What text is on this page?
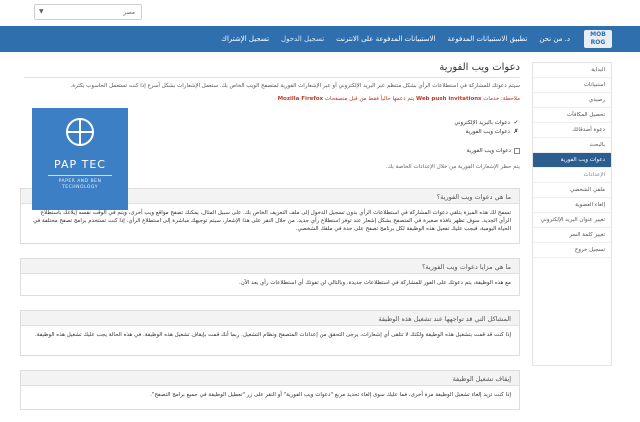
▼	مصر
MOB ROG
تسجيل الإشتراك تسجيل الدخول الاستبيانات المدفوعة على الانترنت تطبيق الاستبيانات المدفوعة د. من نحن
البداية
استبيانات
رصيدي
تحصيل المكافآت
دعوة أصدقائك
بالبحث
دعوات ويب الفورية
الإعدادات
ملفي الشخصي
إلغاء العضوية
تغيير عنوان البريد الإلكتروني
تغيير كلمة السر
تسجيل خروج
دعوات ويب الفورية

سيتم دعوتك للمشاركة في استطلاعات الرأي بشكل منتظم عبر البريد الإلكتروني أو عبر الإشعارات الفورية لمتصفح الويب الخاص بك. ستعمل الإشعارات بشكل أسرع إذا كنت تستعمل الحاسوب بكثرة.

ملاحظة: خدمات Web push invitations يتم دعمها حالياً فقط من قبل متصفحات Mozilla Firefox

✓
دعوات بالبريد الإلكتروني
✗
دعوات ويب الفورية
دعوات ويب الفورية

يتم حظر الإشعارات الفورية من خلال الإعدادات الخاصة بك.

ما هي دعوات ويب الفورية؟
تسمح لك هذه الميزة بتلقي دعوات المشاركة في استطلاعات الرأي بدون تسجيل الدخول إلى ملف التعريف الخاص بك. على سبيل المثال، يمكنك تصفح مواقع ويب أخرى، ويتم في الوقت نفسه إبلاغك باستطلاع الرأي الجديد. سوف تظهر نافذة صغيرة في المتصفح بشكل إشعار عند توفر استطلاع رأي جديد. من خلال النقر على هذا الإشعار، سيتم توجيهك مباشرة إلى استطلاع الرأي. إذا كنت تستخدم برامج تصفح مختلفة في الحياة اليومية، فيجب عليك تفعيل هذه الوظيفة لكل برنامج تصفح على حدة في ملفك الشخصي.
ما هي مزايا دعوات ويب الفورية؟
مع هذه الوظيفة، يتم دعوتك على الفور للمشاركة في استطلاعات جديدة. وبالتالي لن تفوتك أي استطلاعات رأي بعد الآن.
المشاكل التي قد تواجهها عند تشغيل هذه الوظيفة
إذا كنت قد قمت بتشغيل هذه الوظيفة ولكنك لا تتلقى أي إشعارات، يرجى التحقق من إعدادات المتصفح ونظام التشغيل. ربما أنك قمت بإيقاف تشغيل هذه الوظيفة. في هذه الحالة يجب عليك تشغيل هذه الوظيفة.
إيقاف تشغيل الوظيفة
إذا كنت تريد إلغاء تشغيل الوظيفة مرة أخرى، فما عليك سوى إلغاء تحديد مربع "دعوات ويب الفورية" أو النقر على زر "تعطيل الوظيفة في جميع برامج التصفح".
PAP TEC
PAPER AND BEN
TECHNOLOGY
